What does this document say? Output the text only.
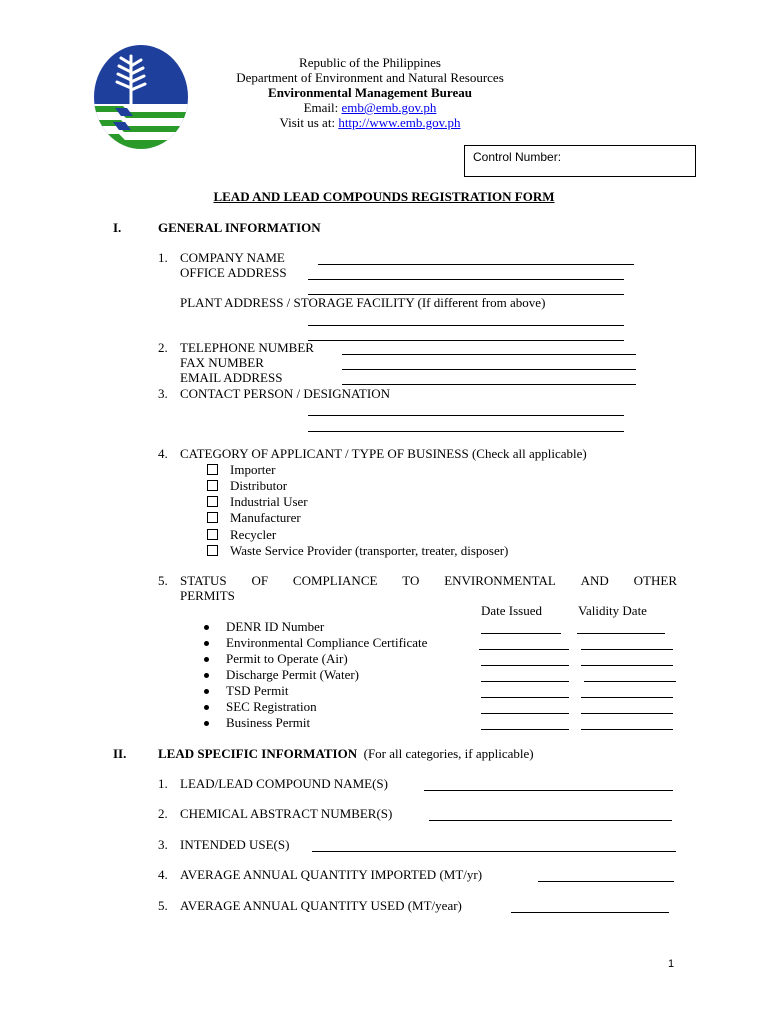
Republic of the Philippines
Department of Environment and Natural Resources
Environmental Management Bureau
Email: emb@emb.gov.ph
Visit us at: http://www.emb.gov.ph
Control Number:
LEAD AND LEAD COMPOUNDS REGISTRATION FORM
I.	GENERAL INFORMATION
1. COMPANY NAME
OFFICE ADDRESS
PLANT ADDRESS / STORAGE FACILITY (If different from above)
2. TELEPHONE NUMBER
FAX NUMBER
EMAIL ADDRESS
3. CONTACT PERSON / DESIGNATION
4. CATEGORY OF APPLICANT / TYPE OF BUSINESS (Check all applicable)
Importer
Distributor
Industrial User
Manufacturer
Recycler
Waste Service Provider (transporter, treater, disposer)
5. STATUS OF COMPLIANCE TO ENVIRONMENTAL AND OTHER
PERMITS
Date Issued	Validity Date
DENR ID Number
Environmental Compliance Certificate
Permit to Operate (Air)
Discharge Permit (Water)
TSD Permit
SEC Registration
Business Permit
II. LEAD SPECIFIC INFORMATION (For all categories, if applicable)
1. LEAD/LEAD COMPOUND NAME(S)
2. CHEMICAL ABSTRACT NUMBER(S)
3. INTENDED USE(S)
4. AVERAGE ANNUAL QUANTITY IMPORTED (MT/yr)
5. AVERAGE ANNUAL QUANTITY USED (MT/year)
1
